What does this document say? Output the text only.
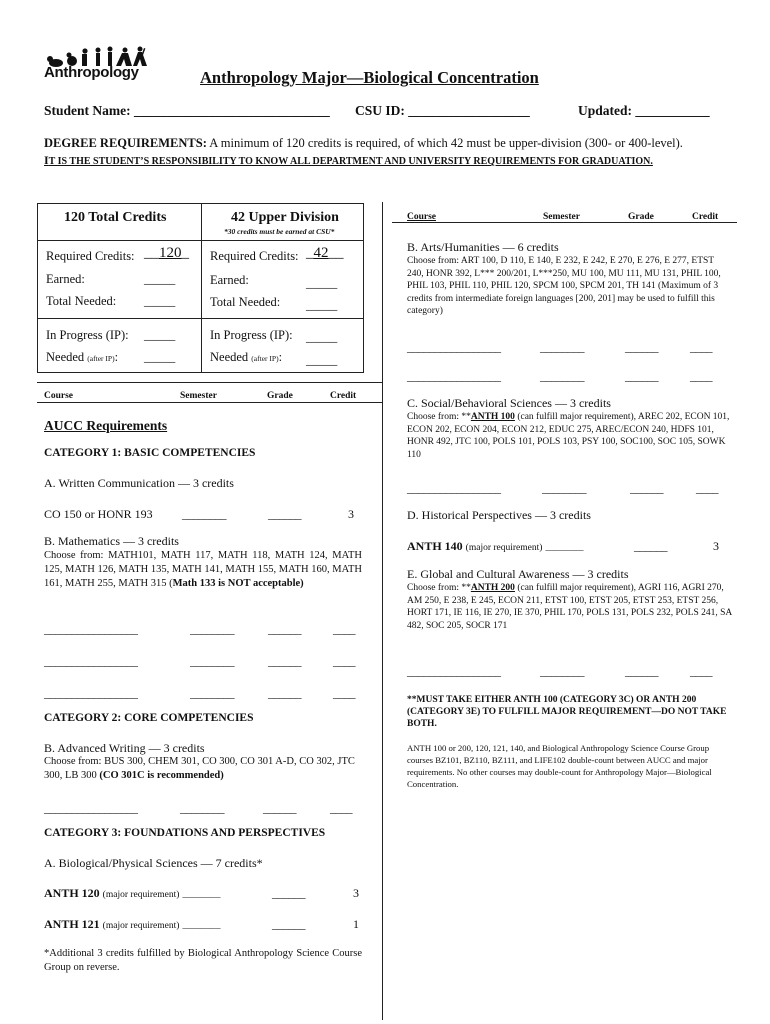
Anthropology	Anthropology Major—Biological Concentration
Student Name: _____________________________ CSU ID: __________________	Updated: ___________
DEGREE REQUIREMENTS: A minimum of 120 credits is required, of which 42 must be upper-division (300- or 400-level).
IT IS THE STUDENT’S RESPONSIBILITY TO KNOW ALL DEPARTMENT AND UNIVERSITY REQUIREMENTS FOR GRADUATION.
120 Total Credits	42 Upper Division
*30 credits must be earned at CSU*
Required Credits: __120_
Earned:	_____
Total Needed: _____
In Progress (IP): _____
Needed (after IP): _____
Required Credits: _42__
Earned:	_____
Total Needed: _____
In Progress (IP): _____
Needed (after IP): _____
Course	Semester	Grade	Credit
Course	Semester	Grade	Credit
AUCC Requirements
CATEGORY 1: BASIC COMPETENCIES
A. Written Communication — 3 credits
CO 150 or HONR 193 ________	______	3
B. Mathematics — 3 credits
Choose from: MATH101, MATH 117, MATH 118, MATH 124, MATH 125, MATH 126, MATH 135, MATH 141, MATH 155, MATH 160, MATH 161, MATH 255, MATH 315 (Math 133 is NOT acceptable)
_________________	________	______	____
_________________	________	______	____
_________________	________	______	____
CATEGORY 2: CORE COMPETENCIES
B. Advanced Writing — 3 credits
Choose from: BUS 300, CHEM 301, CO 300, CO 301 A-D, CO 302, JTC 300, LB 300 (CO 301C is recommended)
_________________	________	______	____
CATEGORY 3: FOUNDATIONS AND PERSPECTIVES
A. Biological/Physical Sciences — 7 credits*
ANTH 120 (major requirement) ________	______	3
ANTH 121 (major requirement) ________	______	1
*Additional 3 credits fulfilled by Biological Anthropology Science Course Group on reverse.
B. Arts/Humanities — 6 credits
Choose from: ART 100, D 110, E 140, E 232, E 242, E 270, E 276, E 277, ETST 240, HONR 392, L*** 200/201, L***250, MU 100, MU 111, MU 131, PHIL 100, PHIL 103, PHIL 110, PHIL 120, SPCM 100, SPCM 201, TH 141 (Maximum of 3 credits from intermediate foreign languages [200, 201] may be used to fulfill this category)
_________________	________	______	____
_________________	________	______	____
C. Social/Behavioral Sciences — 3 credits
Choose from: **ANTH 100 (can fulfill major requirement), AREC 202, ECON 101, ECON 202, ECON 204, ECON 212, EDUC 275, AREC/ECON 240, HDFS 101, HONR 492, JTC 100, POLS 101, POLS 103, PSY 100, SOC100, SOC 105, SOWK 110
_________________	________	______	____
D. Historical Perspectives — 3 credits
ANTH 140 (major requirement) ________	______	3
E. Global and Cultural Awareness — 3 credits
Choose from: **ANTH 200 (can fulfill major requirement), AGRI 116, AGRI 270, AM 250, E 238, E 245, ECON 211, ETST 100, ETST 205, ETST 253, ETST 256, HORT 171, IE 116, IE 270, IE 370, PHIL 170, POLS 131, POLS 232, POLS 241, SA 482, SOC 205, SOCR 171
_________________	________	______	____
**MUST TAKE EITHER ANTH 100 (CATEGORY 3C) OR ANTH 200 (CATEGORY 3E) TO FULFILL MAJOR REQUIREMENT—DO NOT TAKE BOTH.
ANTH 100 or 200, 120, 121, 140, and Biological Anthropology Science Course Group courses BZ101, BZ110, BZ111, and LIFE102 double-count between AUCC and major requirements. No other courses may double-count for Anthropology Major—Biological Concentration.
